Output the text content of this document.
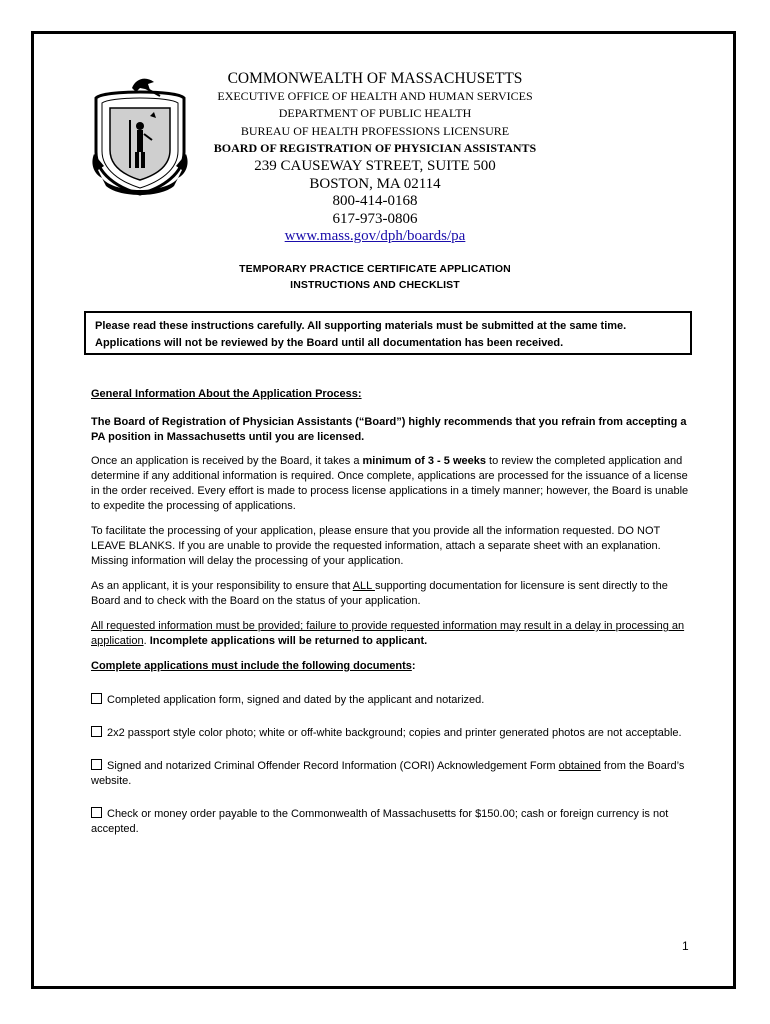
COMMONWEALTH OF MASSACHUSETTS
EXECUTIVE OFFICE OF HEALTH AND HUMAN SERVICES
DEPARTMENT OF PUBLIC HEALTH
BUREAU OF HEALTH PROFESSIONS LICENSURE
BOARD OF REGISTRATION OF PHYSICIAN ASSISTANTS
239 CAUSEWAY STREET, SUITE 500
BOSTON, MA 02114
800-414-0168
617-973-0806
www.mass.gov/dph/boards/pa
TEMPORARY PRACTICE CERTIFICATE APPLICATION
INSTRUCTIONS AND CHECKLIST
Please read these instructions carefully. All supporting materials must be submitted at the same time.
Applications will not be reviewed by the Board until all documentation has been received.

General Information About the Application Process:

The Board of Registration of Physician Assistants (“Board”) highly recommends that you refrain from accepting a PA position in Massachusetts until you are licensed.

Once an application is received by the Board, it takes a minimum of 3 - 5 weeks to review the completed application and determine if any additional information is required. Once complete, applications are processed for the issuance of a license in the order received. Every effort is made to process license applications in a timely manner; however, the Board is unable to expedite the processing of applications.

To facilitate the processing of your application, please ensure that you provide all the information requested. DO NOT LEAVE BLANKS. If you are unable to provide the requested information, attach a separate sheet with an explanation. Missing information will delay the processing of your application.

As an applicant, it is your responsibility to ensure that ALL supporting documentation for licensure is sent directly to the Board and to check with the Board on the status of your application.

All requested information must be provided; failure to provide requested information may result in a delay in processing an application. Incomplete applications will be returned to applicant.

Complete applications must include the following documents:

Completed application form, signed and dated by the applicant and notarized.

2x2 passport style color photo; white or off-white background; copies and printer generated photos are not acceptable.

Signed and notarized Criminal Offender Record Information (CORI) Acknowledgement Form obtained from the Board’s website.

Check or money order payable to the Commonwealth of Massachusetts for $150.00; cash or foreign currency is not accepted.

1
